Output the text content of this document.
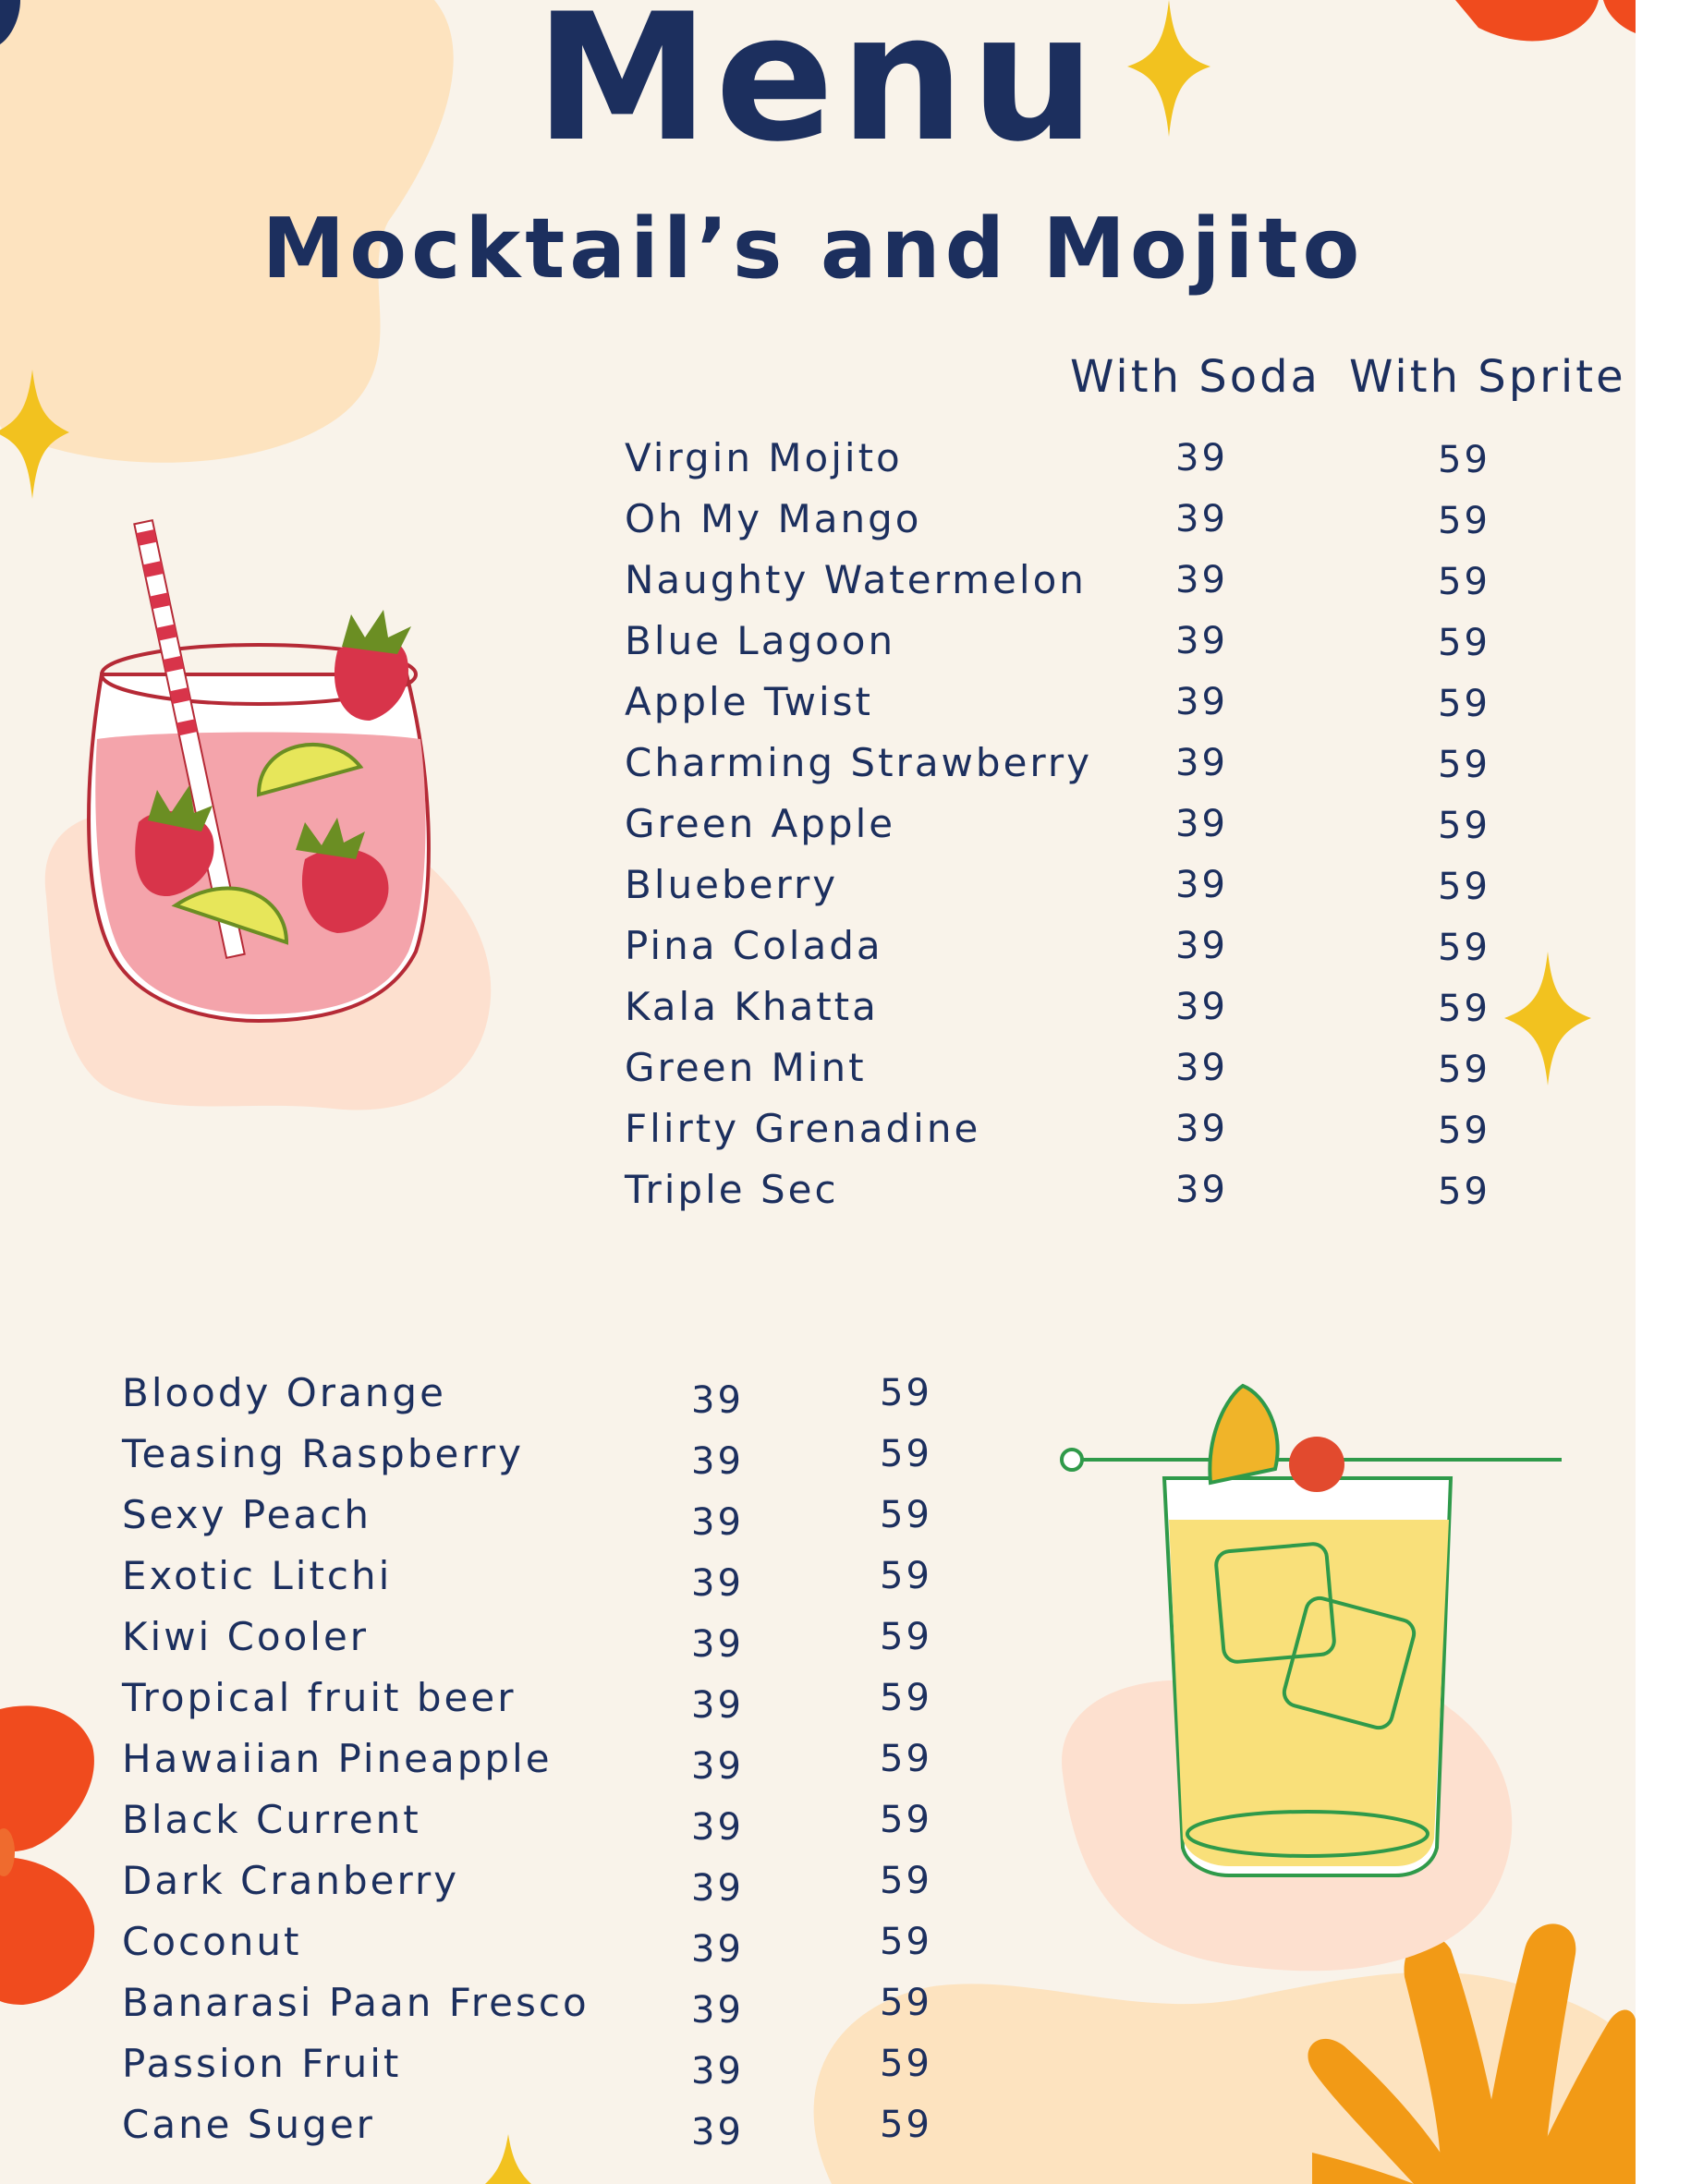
Menu
Mocktail’s and Mojito
With Soda With Sprite
Virgin Mojito	39	59
Oh My Mango	39	59
Naughty Watermelon 39	59
Blue Lagoon	39	59
Apple Twist	39	59
Charming Strawberry 39	59
Green Apple	39	59
Blueberry	39	59
Pina Colada	39	59
Kala Khatta	39	59
Green Mint	39	59
Flirty Grenadine	39	59
Triple Sec	39	59
Bloody Orange	39	59
Teasing Raspberry	39	59
Sexy Peach	39	59
Exotic Litchi	39	59
Kiwi Cooler	39	59
Tropical fruit beer	39	59
Hawaiian Pineapple	39	59
Black Current	39	59
Dark Cranberry	39	59
Coconut	39	59
Banarasi Paan Fresco	39	59
Passion Fruit	39	59
Cane Suger	39	59
